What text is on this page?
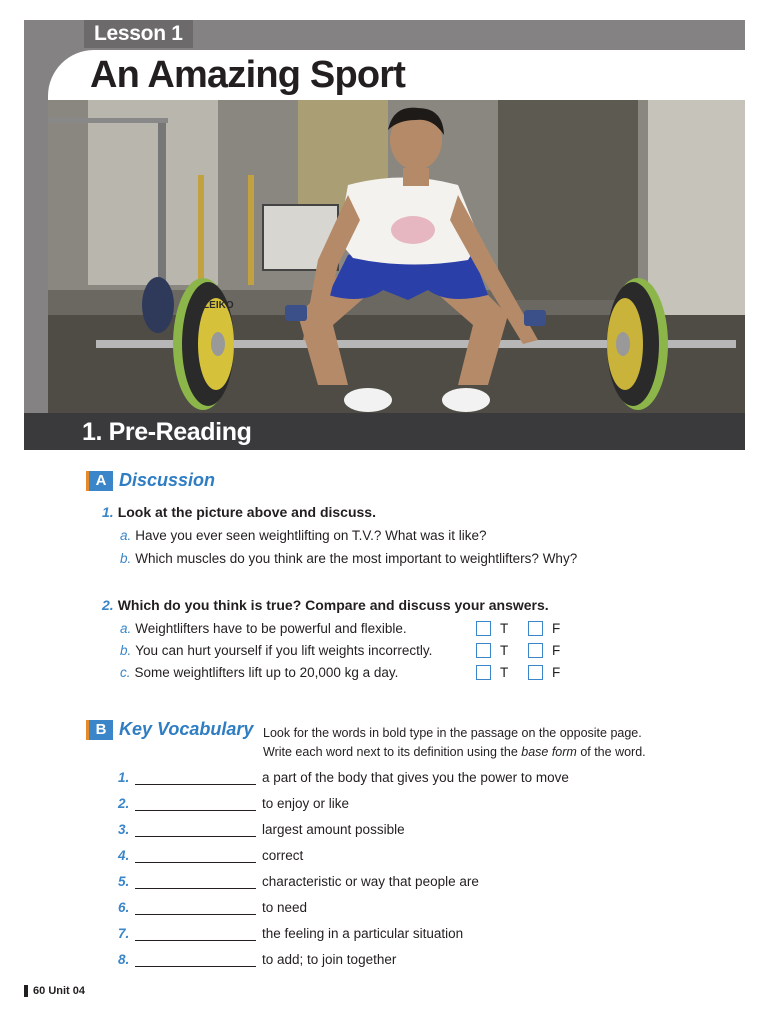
Lesson 1
An Amazing Sport
ELEIKO
1. Pre-Reading
A Discussion
1. Look at the picture above and discuss.
a. Have you ever seen weightlifting on T.V.? What was it like?
b. Which muscles do you think are the most important to weightlifters? Why?
2. Which do you think is true? Compare and discuss your answers.
a. Weightlifters have to be powerful and flexible.	T	F
b. You can hurt yourself if you lift weights incorrectly.	T	F
c. Some weightlifters lift up to 20,000 kg a day.	T	F
B Key Vocabulary Look for the words in bold type in the passage on the opposite page.
Write each word next to its definition using the base form of the word.
1.	a part of the body that gives you the power to move
2.	to enjoy or like
3.	largest amount possible
4.	correct
5.	characteristic or way that people are
6.	to need
7.	the feeling in a particular situation
8.	to add; to join together
60
Unit 04
